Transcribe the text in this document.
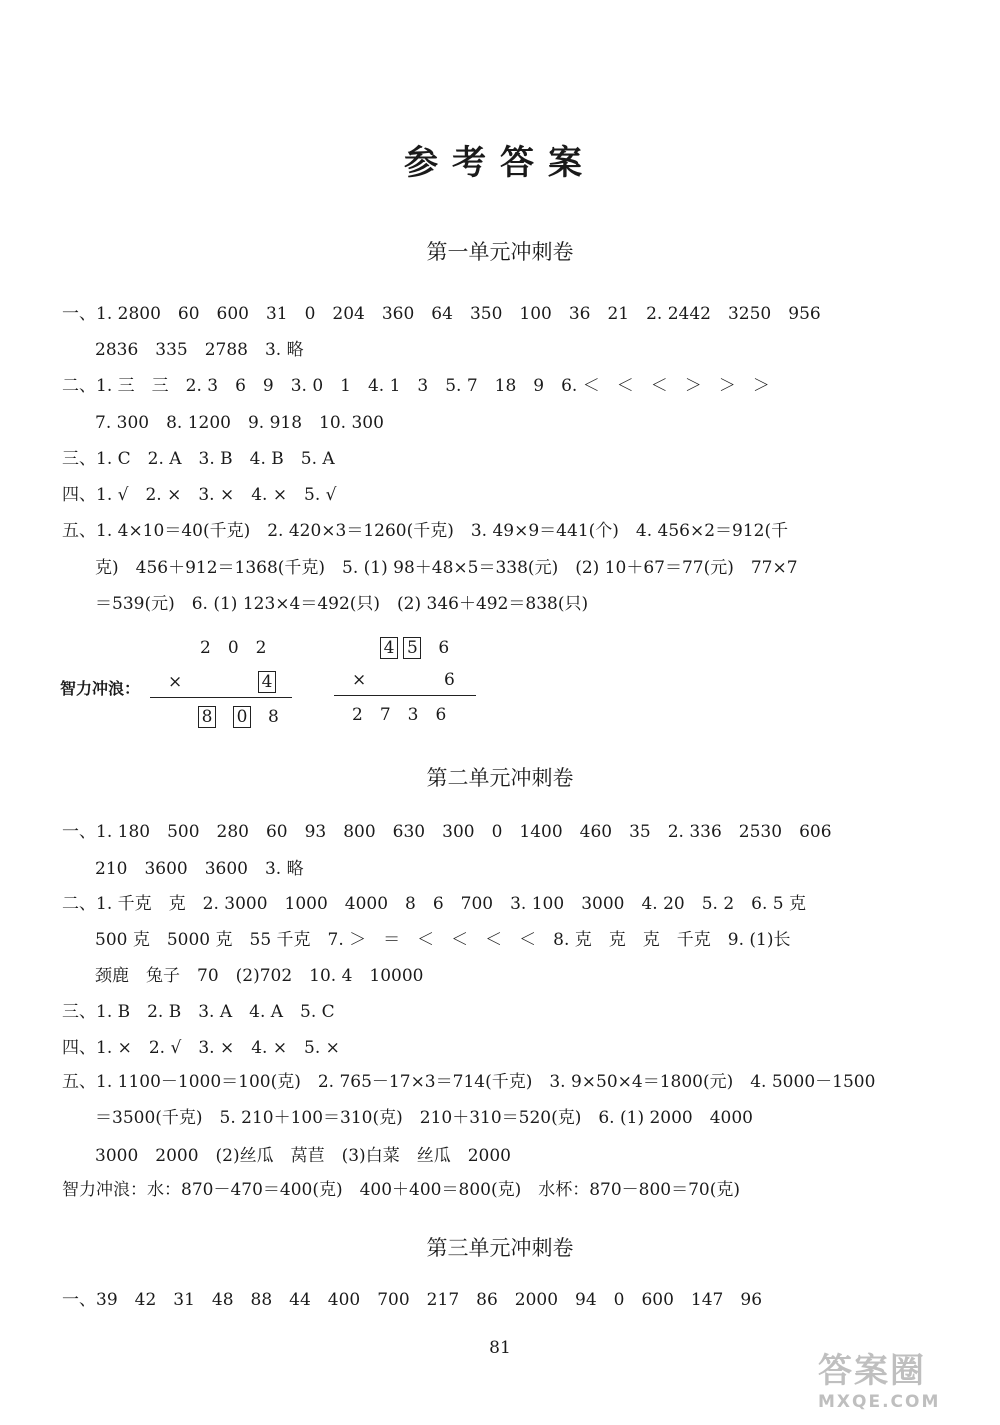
参考答案
第一单元冲刺卷
一、1. 2800　60　600　31　0　204　360　64　350　100　36　21　2. 2442　3250　956
2836　335　2788　3. 略
二、1. 三　三　2. 3　6　9　3. 0　1　4. 1　3　5. 7　18　9　6. ＜　＜　＜　＞　＞　＞
7. 300　8. 1200　9. 918　10. 300
三、1. C　2. A　3. B　4. B　5. A
四、1. √　2. ×　3. ×　4. ×　5. √
五、1. 4×10＝40(千克)　2. 420×3＝1260(千克)　3. 49×9＝441(个)　4. 456×2＝912(千
克)　456＋912＝1368(千克)　5. (1) 98＋48×5＝338(元)　(2) 10＋67＝77(元)　77×7
＝539(元)　6. (1) 123×4＝492(只)　(2) 346＋492＝838(只)
智力冲浪：
2　0　2
×	4
8　 0　 8
4 5　 6
×	6
2　7　3　6
第二单元冲刺卷
一、1. 180　500　280　60　93　800　630　300　0　1400　460　35　2. 336　2530　606
210　3600　3600　3. 略
二、1. 千克　克　2. 3000　1000　4000　8　6　700　3. 100　3000　4. 20　5. 2　6. 5 克
500 克　5000 克　55 千克　7. ＞　＝　＜　＜　＜　＜　8. 克　克　克　千克　9. (1)长
颈鹿　兔子　70　(2)702　10. 4　10000
三、1. B　2. B　3. A　4. A　5. C
四、1. ×　2. √　3. ×　4. ×　5. ×
五、1. 1100－1000＝100(克)　2. 765－17×3＝714(千克)　3. 9×50×4＝1800(元)　4. 5000－1500
＝3500(千克)　5. 210＋100＝310(克)　210＋310＝520(克)　6. (1) 2000　4000
3000　2000　(2)丝瓜　莴苣　(3)白菜　丝瓜　2000
智力冲浪：水：870－470＝400(克)　400＋400＝800(克)　水杯：870－800＝70(克)
第三单元冲刺卷
一、39　42　31　48　88　44　400　700　217　86　2000　94　0　600　147　96
81
答案圈
MXQE.COM
